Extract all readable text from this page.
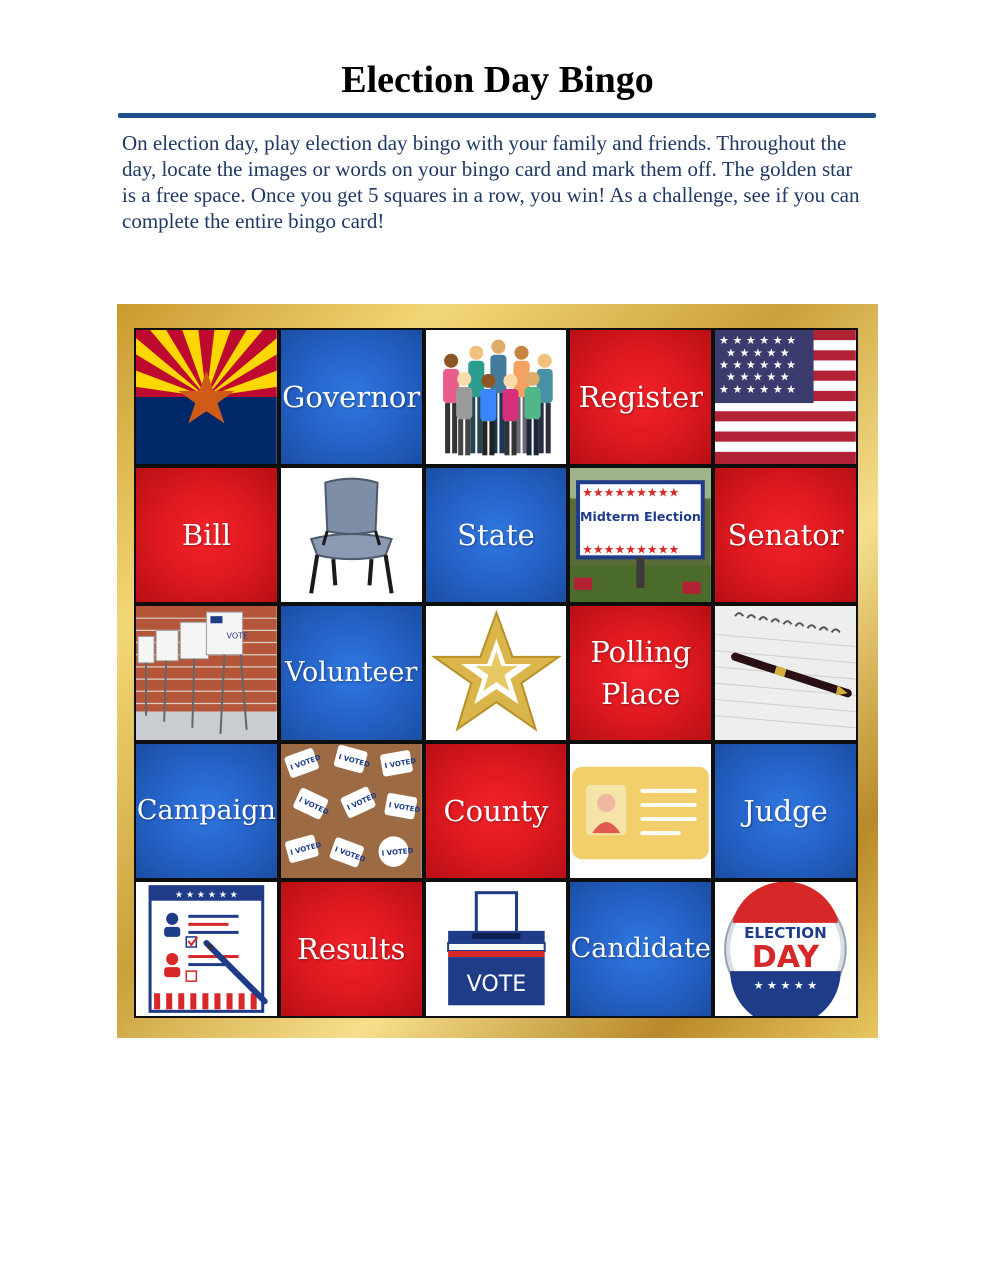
Election Day Bingo

On election day, play election day bingo with your family and friends. Throughout the day, locate the images or words on your bingo card and mark them off. The golden star is a free space. Once you get 5 squares in a row, you win! As a challenge, see if you can complete the entire bingo card!

Governor	Register
★ ★ ★ ★ ★ ★
★ ★ ★ ★ ★
★ ★ ★ ★ ★ ★
★ ★ ★ ★ ★
★ ★ ★ ★ ★ ★
Bill	State
★★★★★★★★★
★★★★★★★★★
Midterm Election
Senator
VOTE
Volunteer
Polling
Place
Campaign
I VOTED I VOTED I VOTED
I VOTED I VOTED I VOTED
I VOTED I VOTED I VOTED
County	Judge
★ ★ ★ ★ ★ ★
Results
VOTE
Candidate
ELECTION
DAY
★ ★ ★ ★ ★
